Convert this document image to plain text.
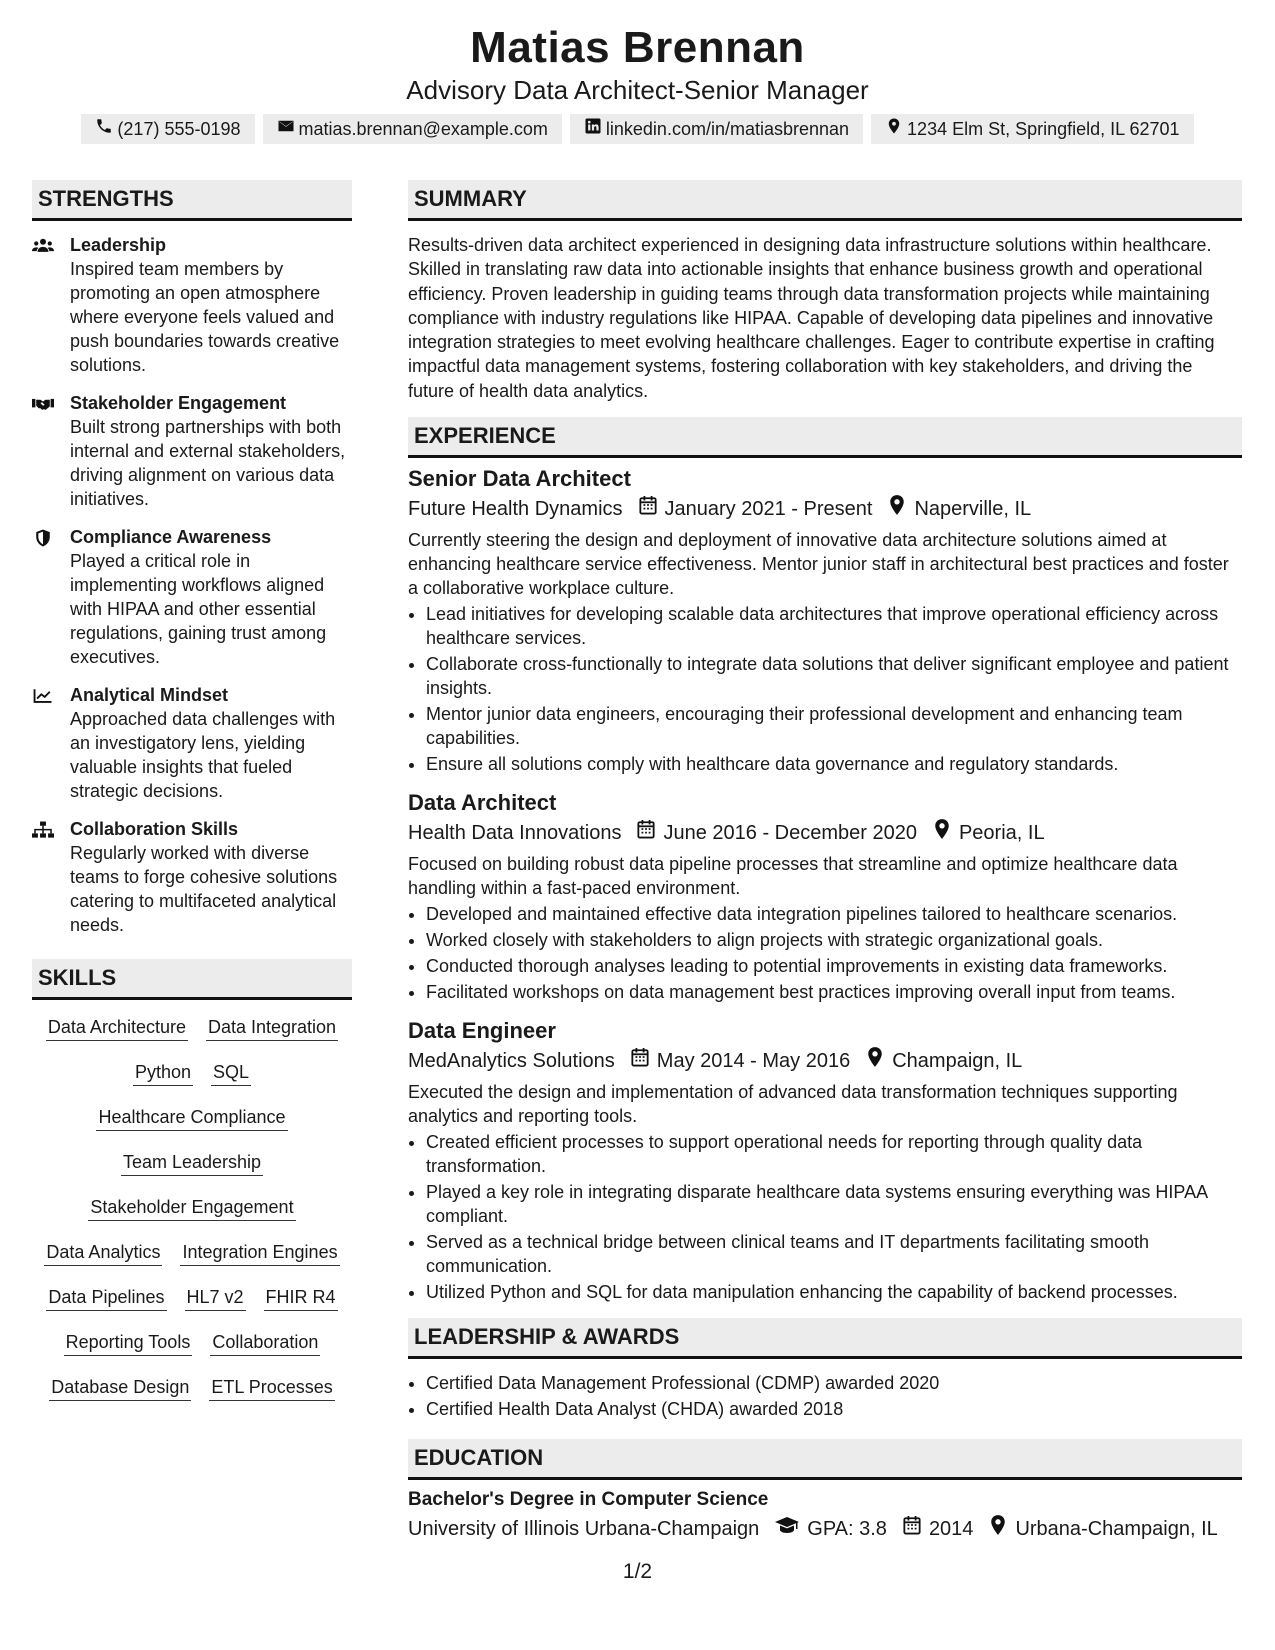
Matias Brennan
Advisory Data Architect-Senior Manager
(217) 555-0198	matias.brennan@example.com	linkedin.com/in/matiasbrennan	1234 Elm St, Springfield, IL 62701
STRENGTHS
Leadership
Inspired team members by promoting an open atmosphere where everyone feels valued and push boundaries towards creative solutions.
Stakeholder Engagement
Built strong partnerships with both internal and external stakeholders, driving alignment on various data initiatives.
Compliance Awareness
Played a critical role in implementing workflows aligned with HIPAA and other essential regulations, gaining trust among executives.
Analytical Mindset
Approached data challenges with an investigatory lens, yielding valuable insights that fueled strategic decisions.
Collaboration Skills
Regularly worked with diverse teams to forge cohesive solutions catering to multifaceted analytical needs.
SKILLS
Data Architecture Data Integration
Python SQL
Healthcare Compliance
Team Leadership
Stakeholder Engagement
Data Analytics Integration Engines
Data Pipelines HL7 v2 FHIR R4
Reporting Tools Collaboration
Database Design ETL Processes
SUMMARY
Results-driven data architect experienced in designing data infrastructure solutions within healthcare. Skilled in translating raw data into actionable insights that enhance business growth and operational efficiency. Proven leadership in guiding teams through data transformation projects while maintaining compliance with industry regulations like HIPAA. Capable of developing data pipelines and innovative integration strategies to meet evolving healthcare challenges. Eager to contribute expertise in crafting impactful data management systems, fostering collaboration with key stakeholders, and driving the future of health data analytics.
EXPERIENCE
Senior Data Architect
Future Health Dynamics January 2021 - Present Naperville, IL
Currently steering the design and deployment of innovative data architecture solutions aimed at enhancing healthcare service effectiveness. Mentor junior staff in architectural best practices and foster a collaborative workplace culture.
• Lead initiatives for developing scalable data architectures that improve operational efficiency across healthcare services.
• Collaborate cross-functionally to integrate data solutions that deliver significant employee and patient insights.
• Mentor junior data engineers, encouraging their professional development and enhancing team capabilities.
• Ensure all solutions comply with healthcare data governance and regulatory standards.
Data Architect
Health Data Innovations June 2016 - December 2020 Peoria, IL
Focused on building robust data pipeline processes that streamline and optimize healthcare data handling within a fast-paced environment.
• Developed and maintained effective data integration pipelines tailored to healthcare scenarios.
• Worked closely with stakeholders to align projects with strategic organizational goals.
• Conducted thorough analyses leading to potential improvements in existing data frameworks.
• Facilitated workshops on data management best practices improving overall input from teams.
Data Engineer
MedAnalytics Solutions May 2014 - May 2016 Champaign, IL
Executed the design and implementation of advanced data transformation techniques supporting analytics and reporting tools.
• Created efficient processes to support operational needs for reporting through quality data transformation.
• Played a key role in integrating disparate healthcare data systems ensuring everything was HIPAA compliant.
• Served as a technical bridge between clinical teams and IT departments facilitating smooth communication.
• Utilized Python and SQL for data manipulation enhancing the capability of backend processes.
LEADERSHIP & AWARDS
• Certified Data Management Professional (CDMP) awarded 2020
• Certified Health Data Analyst (CHDA) awarded 2018
EDUCATION
Bachelor's Degree in Computer Science
University of Illinois Urbana-Champaign GPA: 3.8 2014 Urbana-Champaign, IL
1/2
